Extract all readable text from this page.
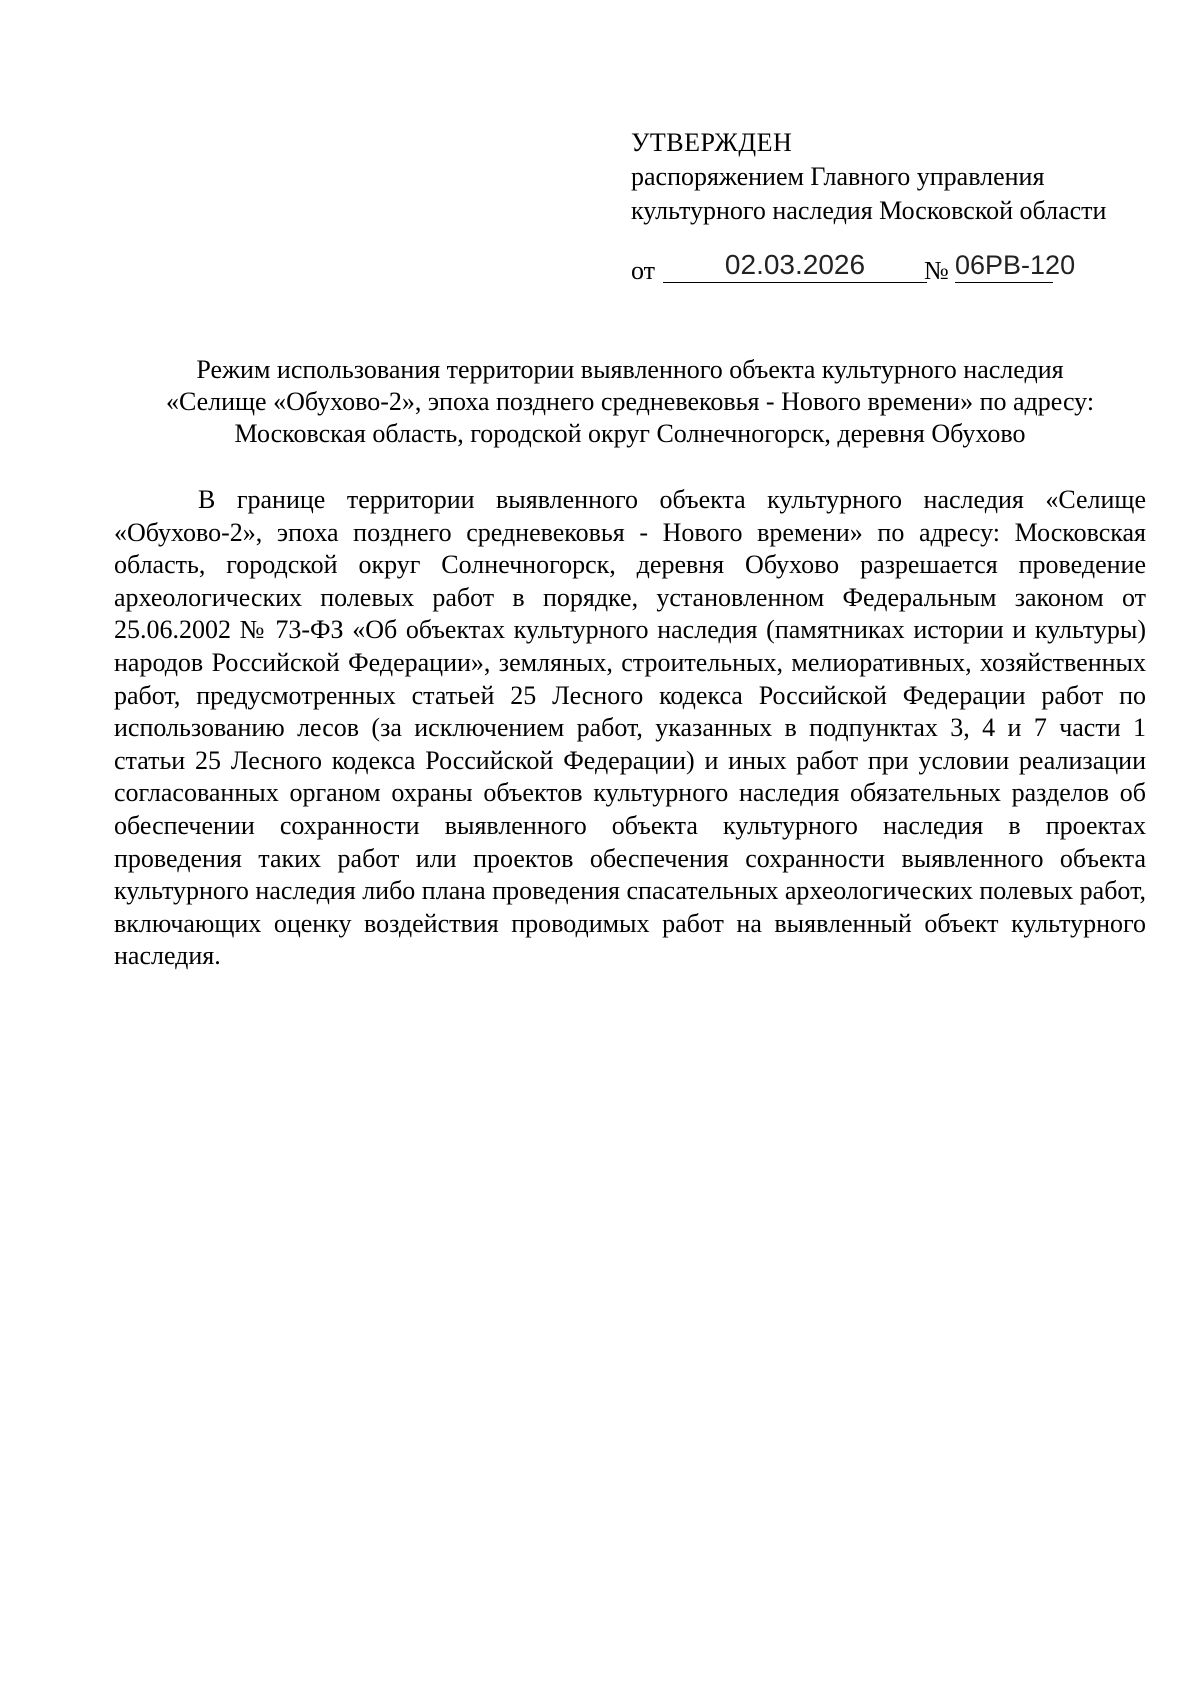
УТВЕРЖДЕН
распоряжением Главного управления
культурного наследия Московской области
от	02.03.2026	№ 06РВ-120
Режим использования территории выявленного объекта культурного наследия
«Селище «Обухово-2», эпоха позднего средневековья - Нового времени» по адресу:
Московская область, городской округ Солнечногорск, деревня Обухово

В границе территории выявленного объекта культурного наследия «Селище «Обухово-2», эпоха позднего средневековья - Нового времени» по адресу: Московская область, городской округ Солнечногорск, деревня Обухово разрешается проведение археологических полевых работ в порядке, установленном Федеральным законом от 25.06.2002 № 73-ФЗ «Об объектах культурного наследия (памятниках истории и культуры) народов Российской Федерации», земляных, строительных, мелиоративных, хозяйственных работ, предусмотренных статьей 25 Лесного кодекса Российской Федерации работ по использованию лесов (за исключением работ, указанных в подпунктах 3, 4 и 7 части 1 статьи 25 Лесного кодекса Российской Федерации) и иных работ при условии реализации согласованных органом охраны объектов культурного наследия обязательных разделов об обеспечении сохранности выявленного объекта культурного наследия в проектах проведения таких работ или проектов обеспечения сохранности выявленного объекта культурного наследия либо плана проведения спасательных археологических полевых работ, включающих оценку воздействия проводимых работ на выявленный объект культурного наследия.
